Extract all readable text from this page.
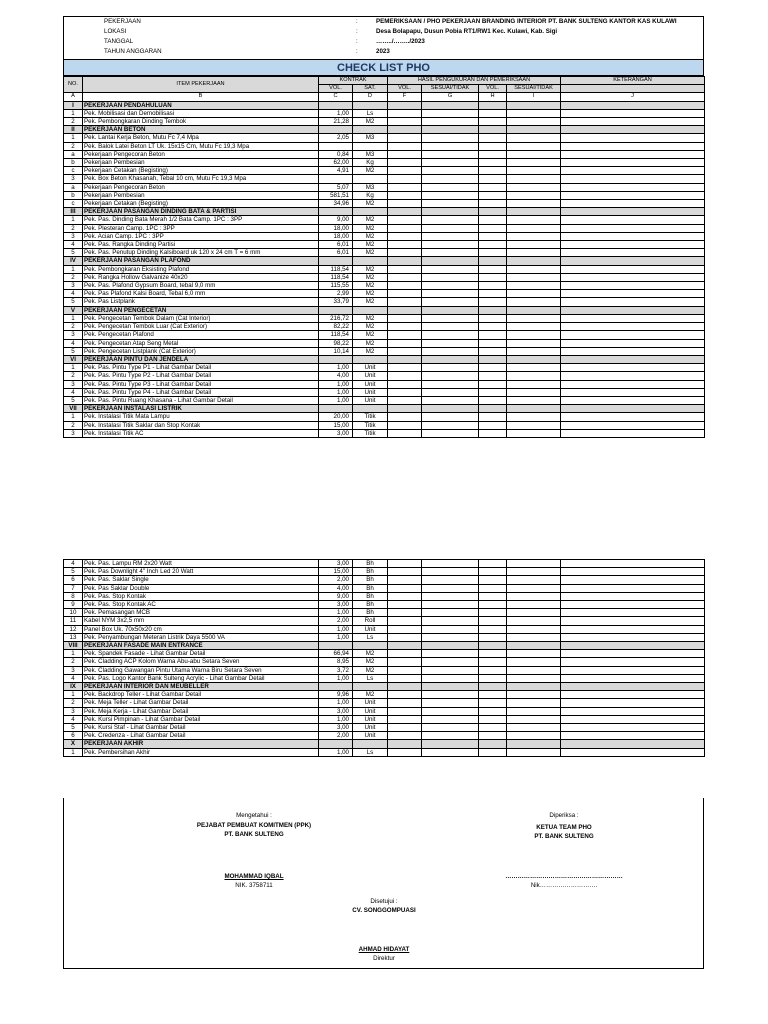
PEKERJAAN	:	PEMERIKSAAN / PHO PEKERJAAN BRANDING INTERIOR PT. BANK SULTENG KANTOR KAS KULAWI
LOKASI	:	Desa Bolapapu, Dusun Pobia RT1/RW1 Kec. Kulawi, Kab. Sigi
TANGGAL	:	……../……../2023
TAHUN ANGGARAN	:	2023
CHECK LIST PHO
NO.	ITEM PEKERJAAN	KONTRAK		HASIL PENGUKURAN DAN PEMERIKSAAN				KETERANGAN
		VOL.	SAT.	VOL.	SESUAI/TIDAK	VOL.	SESUAI/TIDAK	
A	B	C	D	F	G	H	I	J
I	PEKERJAAN PENDAHULUAN							
1	Pek. Mobilisasi dan Demobilisasi	1,00	Ls					
2	Pek. Pembongkaran Dinding Tembok	21,28	M2					
II	PEKERJAAN BETON							
1	Pek. Lantai Kerja Beton, Mutu Fc 7,4 Mpa	2,05	M3					
2	Pek. Balok Latei Beton LT Uk. 15x15 Cm, Mutu Fc 19,3 Mpa							
a	Pekerjaan Pengecoran Beton	0,84	M3					
b	Pekerjaan Pembesian	62,00	Kg					
c	Pekerjaan Cetakan (Begisting)	4,91	M2					
3	Pek. Box Beton Khasanah, Tebal 10 cm, Mutu Fc 19,3 Mpa							
a	Pekerjaan Pengecoran Beton	5,07	M3					
b	Pekerjaan Pembesian	581,51	Kg					
c	Pekerjaan Cetakan (Begisting)	34,96	M2					
III	PEKERJAAN PASANGAN DINDING BATA & PARTISI							
1	Pek. Pas. Dinding Bata Merah 1/2 Bata Camp. 1PC : 3PP	9,00	M2					
2	Pek. Plesteran Camp. 1PC : 3PP	18,00	M2					
3	Pek. Acian Camp. 1PC : 3PP	18,00	M2					
4	Pek. Pas. Rangka Dinding Partisi	6,01	M2					
5	Pek. Pas. Penutup Dinding Kalsiboard uk 120 x 24 cm T = 6 mm	6,01	M2					
IV	PEKERJAAN PASANGAN PLAFOND							
1	Pek. Pembongkaran Eksisting Plafond	118,54	M2					
2	Pek. Rangka Hollow Galvanize 40x20	118,54	M2					
3	Pek. Pas. Plafond Gypsum Board, tebal 9,0 mm	115,55	M2					
4	Pek. Pas Plafond Kalsi Board, Tebal 6,0 mm	2,99	M2					
5	Pek. Pas Listplank	33,79	M2					
V	PEKERJAAN PENGECETAN							
1	Pek. Pengecetan Tembok Dalam (Cat Interior)	216,72	M2					
2	Pek. Pengecetan Tembok Luar (Cat Exterior)	82,22	M2					
3	Pek. Pengecetan Plafond	118,54	M2					
4	Pek. Pengecetan Atap Seng Metal	98,22	M2					
5	Pek. Pengecetan Listplank (Cat Exterior)	10,14	M2					
VI	PEKERJAAN PINTU DAN JENDELA							
1	Pek. Pas. Pintu Type P1 - Lihat Gambar Detail	1,00	Unit					
2	Pek. Pas. Pintu Type P2 - Lihat Gambar Detail	4,00	Unit					
3	Pek. Pas. Pintu Type P3 - Lihat Gambar Detail	1,00	Unit					
4	Pek. Pas. Pintu Type P4 - Lihat Gambar Detail	1,00	Unit					
5	Pek. Pas. Pintu Ruang Khasana - Lihat Gambar Detail	1,00	Unit					
VII	PEKERJAAN INSTALASI LISTRIK							
1	Pek. Instalasi Titik Mata Lampu	20,00	Titik					
2	Pek. Instalasi Titik Saklar dan Stop Kontak	15,00	Titik					
3	Pek. Instalasi Titik AC	3,00	Titik					
4	Pek. Pas. Lampu RM 2x20 Watt	3,00	Bh					
5	Pek. Pas Downlight 4" Inch Led 20 Watt	15,00	Bh					
6	Pek. Pas. Saklar Single	2,00	Bh					
7	Pek. Pas Saklar Double	4,00	Bh					
8	Pek. Pas. Stop Kontak	9,00	Bh					
9	Pek. Pas. Stop Kontak AC	3,00	Bh					
10	Pek. Pemasangan MCB	1,00	Bh					
11	Kabel NYM 3x2,5 mm	2,00	Roll					
12	Panel Box Uk. 70x50x20 cm	1,00	Unit					
13	Pek. Penyambungan Meteran Listrik Daya 5500 VA	1,00	Ls					
VIII	PEKERJAAN FASADE MAIN ENTRANCE							
1	Pek. Spandek Fasade - Lihat Gambar Detail	66,94	M2					
2	Pek. Cladding ACP Kolom Warna Abu-abu Setara Seven	8,95	M2					
3	Pek. Cladding Gawangan Pintu Utama Warna Biru Setara Seven	3,72	M2					
4	Pek. Pas. Logo Kantor Bank Sulteng Acrylic - Lihat Gambar Detail	1,00	Ls					
IX	PEKERJAAN INTERIOR DAN MEUBELLER							
1	Pek. Backdrop Teller - Lihat Gambar Detail	9,96	M2					
2	Pek. Meja Teller - Lihat Gambar Detail	1,00	Unit					
3	Pek. Meja Kerja - Lihat Gambar Detail	3,00	Unit					
4	Pek. Kursi Pimpinan - Lihat Gambar Detail	1,00	Unit					
5	Pek. Kursi Staf - Lihat Gambar Detail	3,00	Unit					
6	Pek. Credenza - Lihat Gambar Detail	2,00	Unit					
X	PEKERJAAN AKHIR							
1	Pek. Pembersihan Akhir	1,00	Ls					
Mengetahui :
PEJABAT PEMBUAT KOMITMEN (PPK)
PT. BANK SULTENG
MOHAMMAD IQBAL
NIK. 3758711
Diperiksa :
KETUA TEAM PHO
PT. BANK SULTENG
…………………………………………………
Nik……………………….
Disetujui :
CV. SONGGOMPUASI
AHMAD HIDAYAT
Direktur
